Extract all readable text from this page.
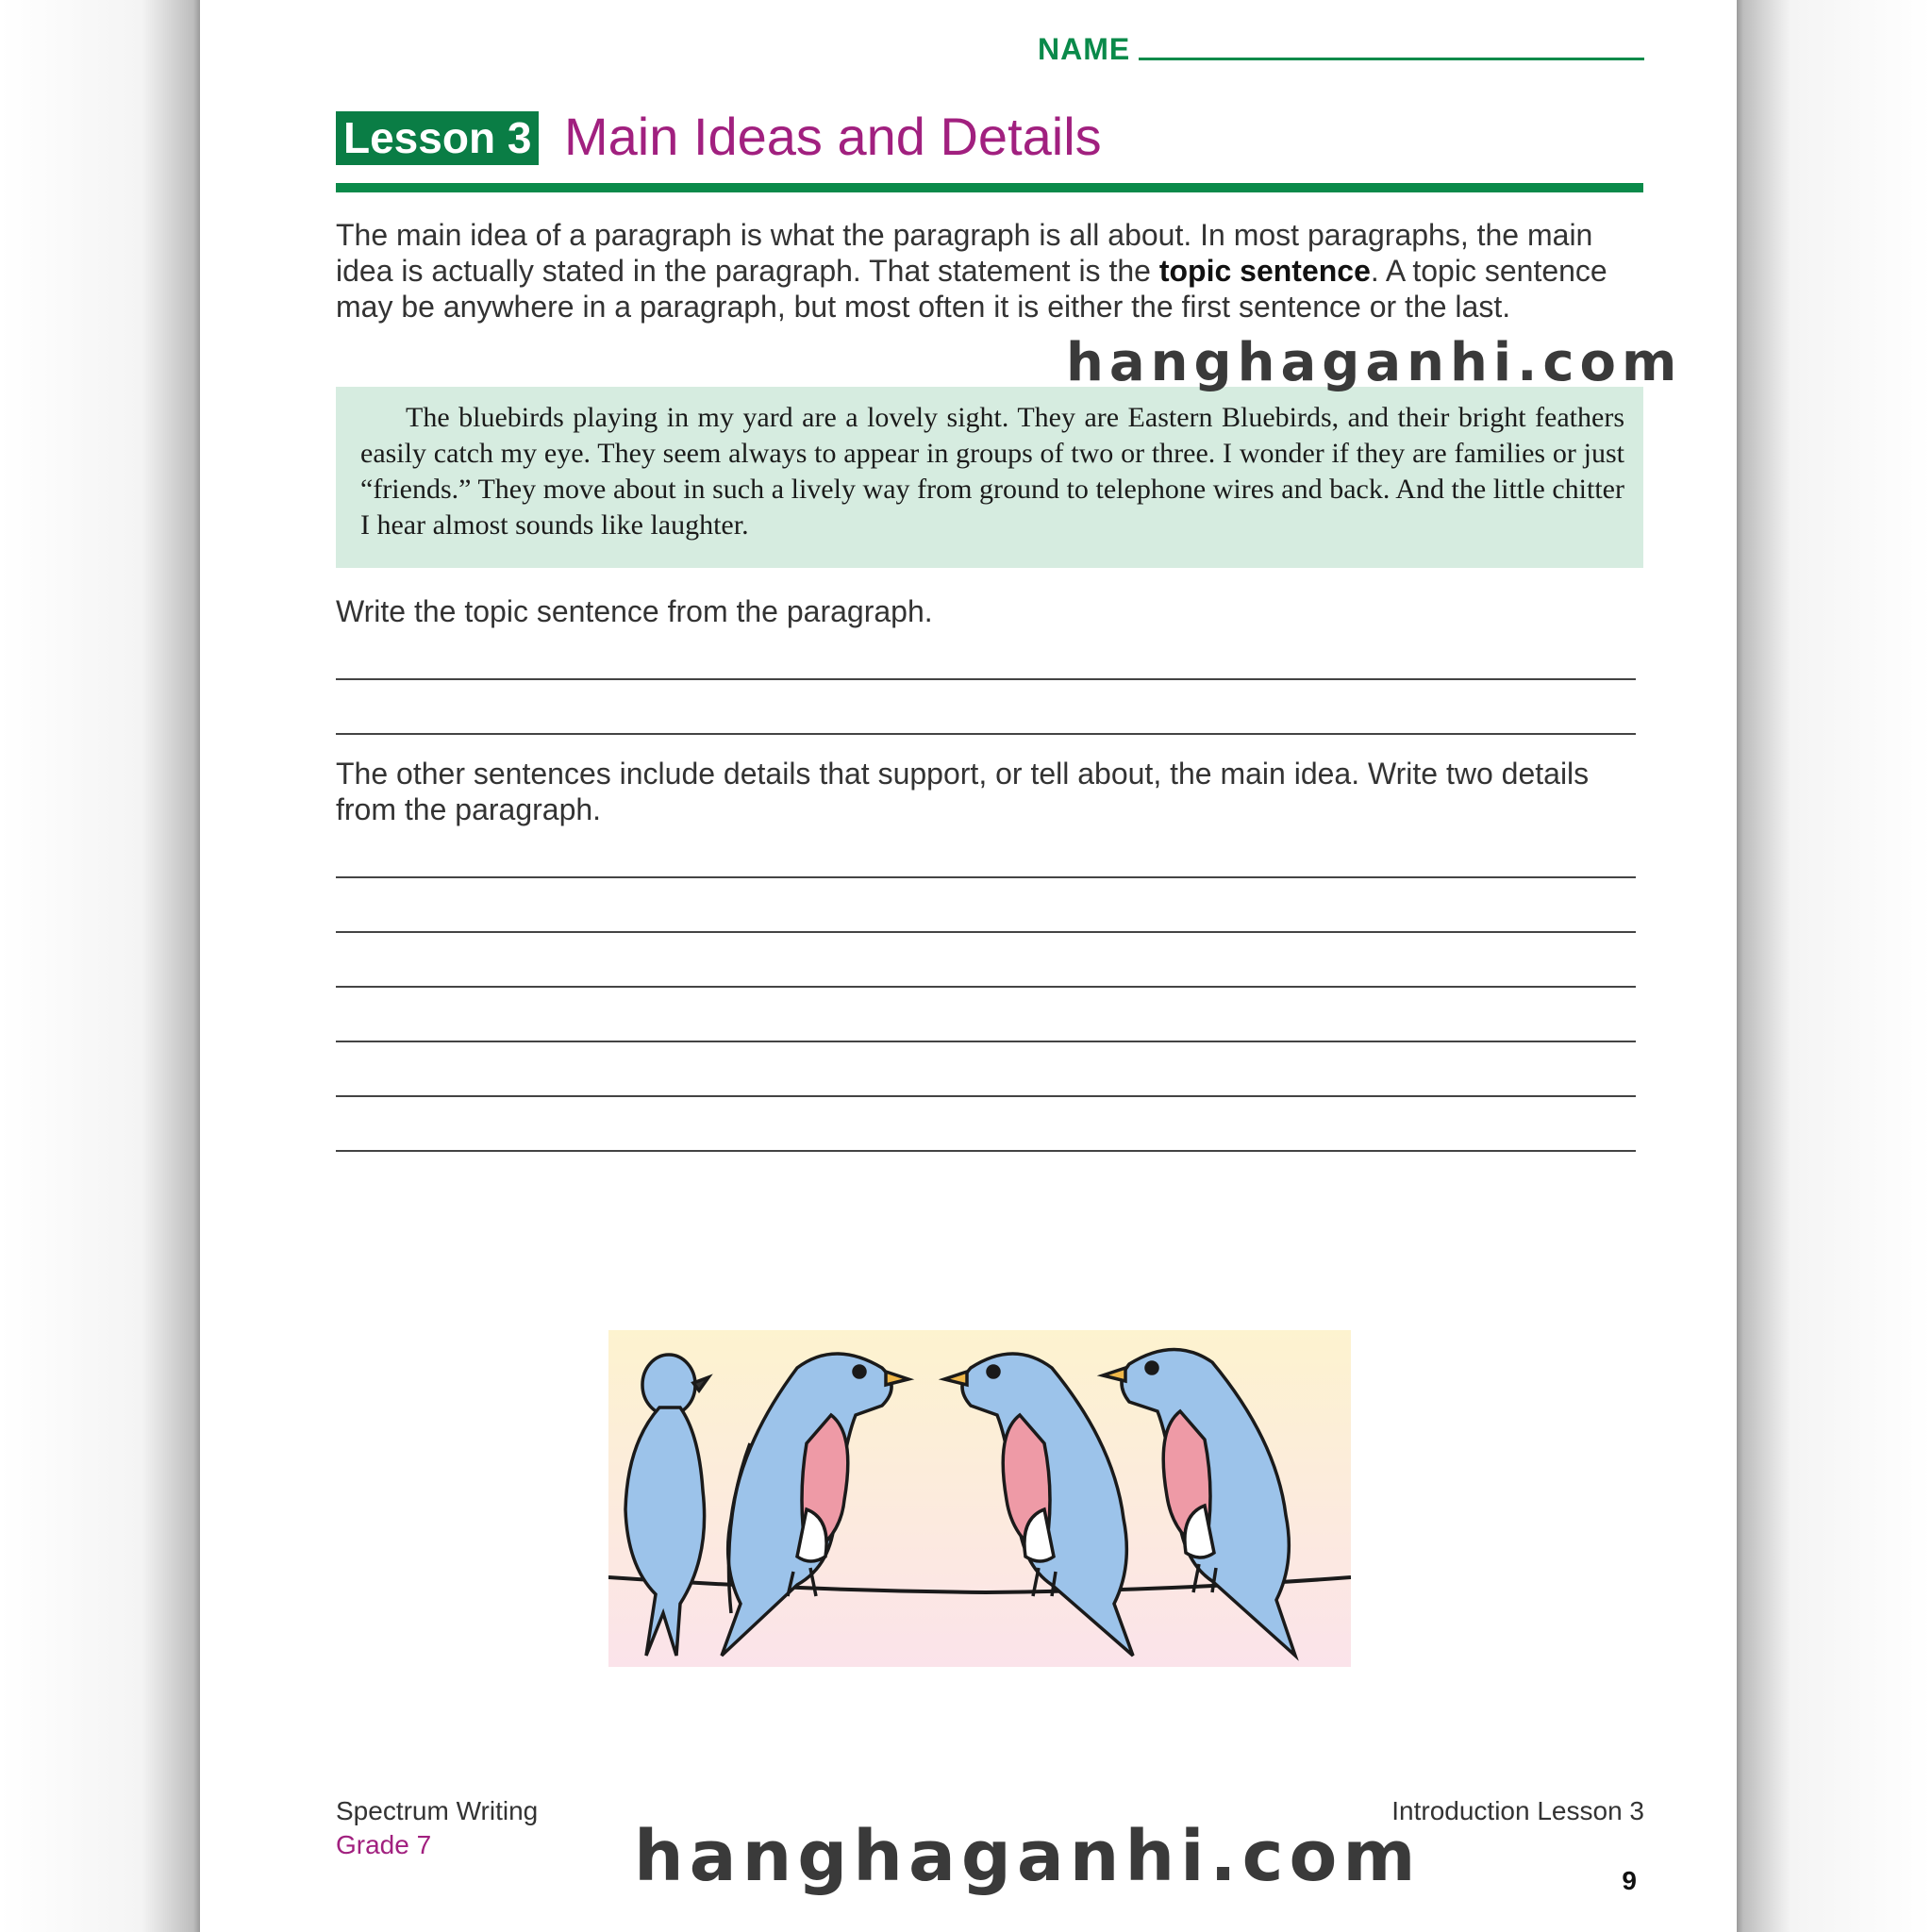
NAME
Lesson 3 Main Ideas and Details
The main idea of a paragraph is what the paragraph is all about. In most paragraphs, the main idea is actually stated in the paragraph. That statement is the topic sentence. A topic sentence may be anywhere in a paragraph, but most often it is either the first sentence or the last.
The bluebirds playing in my yard are a lovely sight. They are Eastern Bluebirds, and their bright feathers easily catch my eye. They seem always to appear in groups of two or three. I wonder if they are families or just “friends.” They move about in such a lively way from ground to telephone wires and back. And the little chitter I hear almost sounds like laughter.
Write the topic sentence from the paragraph.
The other sentences include details that support, or tell about, the main idea. Write two details from the paragraph.
hanghaganhi.com
hanghaganhi.com
Spectrum Writing
Grade 7
Introduction Lesson 3
9
